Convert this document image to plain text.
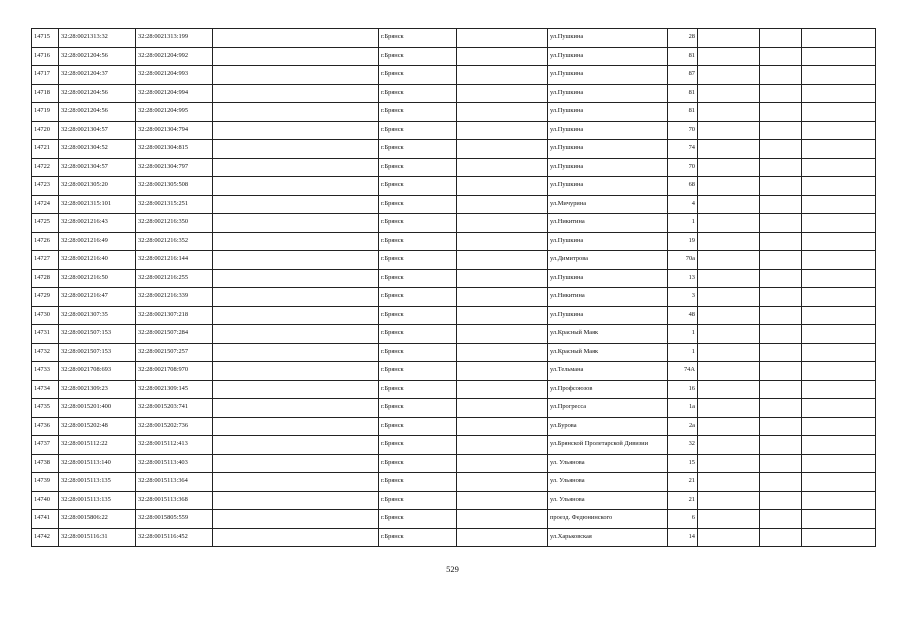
14715	32:28:0021313:32	32:28:0021313:199		г.Брянск		ул.Пушкина	28			
14716	32:28:0021204:56	32:28:0021204:992		г.Брянск		ул.Пушкина	81			
14717	32:28:0021204:37	32:28:0021204:993		г.Брянск		ул.Пушкина	87			
14718	32:28:0021204:56	32:28:0021204:994		г.Брянск		ул.Пушкина	81			
14719	32:28:0021204:56	32:28:0021204:995		г.Брянск		ул.Пушкина	81			
14720	32:28:0021304:57	32:28:0021304:794		г.Брянск		ул.Пушкина	70			
14721	32:28:0021304:52	32:28:0021304:815		г.Брянск		ул.Пушкина	74			
14722	32:28:0021304:57	32:28:0021304:797		г.Брянск		ул.Пушкина	70			
14723	32:28:0021305:20	32:28:0021305:508		г.Брянск		ул.Пушкина	68			
14724	32:28:0021315:101	32:28:0021315:251		г.Брянск		ул.Мичурина	4			
14725	32:28:0021216:43	32:28:0021216:350		г.Брянск		ул.Никитина	1			
14726	32:28:0021216:49	32:28:0021216:352		г.Брянск		ул.Пушкина	19			
14727	32:28:0021216:40	32:28:0021216:144		г.Брянск		ул.Димитрова	70а			
14728	32:28:0021216:50	32:28:0021216:255		г.Брянск		ул.Пушкина	13			
14729	32:28:0021216:47	32:28:0021216:339		г.Брянск		ул.Никитина	3			
14730	32:28:0021307:35	32:28:0021307:218		г.Брянск		ул.Пушкина	48			
14731	32:28:0021507:153	32:28:0021507:284		г.Брянск		ул.Красный Маяк	1			
14732	32:28:0021507:153	32:28:0021507:257		г.Брянск		ул.Красный Маяк	1			
14733	32:28:0021708:693	32:28:0021708:970		г.Брянск		ул.Тельмана	74А			
14734	32:28:0021309:23	32:28:0021309:145		г.Брянск		ул.Профсоюзов	16			
14735	32:28:0015201:400	32:28:0015203:741		г.Брянск		ул.Прогресса	1а			
14736	32:28:0015202:48	32:28:0015202:736		г.Брянск		ул.Бурова	2а			
14737	32:28:0015112:22	32:28:0015112:413		г.Брянск		ул.Брянской Пролетарской Дивизии	32			
14738	32:28:0015113:140	32:28:0015113:403		г.Брянск		ул. Ульянова	15			
14739	32:28:0015113:135	32:28:0015113:364		г.Брянск		ул. Ульянова	21			
14740	32:28:0015113:135	32:28:0015113:368		г.Брянск		ул. Ульянова	21			
14741	32:28:0015806:22	32:28:0015805:559		г.Брянск		проезд. Федюнинского	6			
14742	32:28:0015116:31	32:28:0015116:452		г.Брянск		ул.Харьковская	14			
529
